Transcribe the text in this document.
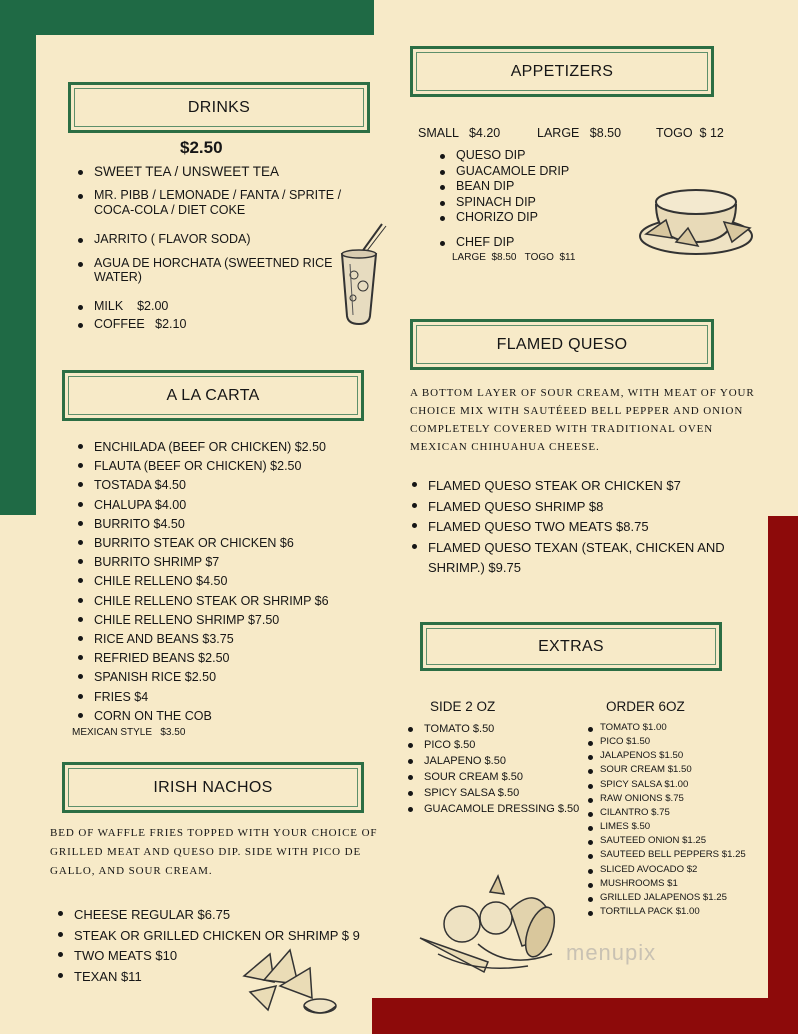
DRINKS
$2.50
SWEET TEA / UNSWEET TEA
MR. PIBB / LEMONADE / FANTA / SPRITE / COCA-COLA / DIET COKE
JARRITO ( FLAVOR SODA)
AGUA DE HORCHATA (SWEETNED RICE WATER)
MILK    $2.00
COFFEE   $2.10
APPETIZERS
SMALL   $4.20	LARGE   $8.50	TOGO  $ 12
QUESO DIP
GUACAMOLE DRIP
BEAN DIP
SPINACH DIP
CHORIZO DIP
CHEF DIP
LARGE  $8.50   TOGO  $11
FLAMED QUESO
A BOTTOM LAYER OF SOUR CREAM, WITH MEAT OF YOUR CHOICE MIX WITH SAUTÉEED BELL PEPPER AND ONION COMPLETELY COVERED WITH TRADITIONAL OVEN MEXICAN CHIHUAHUA CHEESE.
FLAMED QUESO STEAK OR CHICKEN $7
FLAMED QUESO SHRIMP $8
FLAMED QUESO TWO MEATS $8.75
FLAMED QUESO TEXAN (STEAK, CHICKEN AND SHRIMP.) $9.75
A LA CARTA
ENCHILADA (BEEF OR CHICKEN) $2.50
FLAUTA (BEEF OR CHICKEN) $2.50
TOSTADA $4.50
CHALUPA $4.00
BURRITO $4.50
BURRITO STEAK OR CHICKEN $6
BURRITO SHRIMP $7
CHILE RELLENO $4.50
CHILE RELLENO STEAK OR SHRIMP $6
CHILE RELLENO SHRIMP $7.50
RICE AND BEANS $3.75
REFRIED BEANS $2.50
SPANISH RICE $2.50
FRIES $4
CORN ON THE COB
MEXICAN STYLE   $3.50
IRISH NACHOS
BED OF WAFFLE FRIES TOPPED WITH YOUR CHOICE OF GRILLED MEAT AND QUESO DIP. SIDE WITH PICO DE GALLO, AND SOUR CREAM.
CHEESE REGULAR $6.75
STEAK OR GRILLED CHICKEN OR SHRIMP $ 9
TWO MEATS $10
TEXAN $11
EXTRAS
SIDE 2 OZ	ORDER 6OZ
TOMATO $.50
PICO $.50
JALAPENO $.50
SOUR CREAM $.50
SPICY SALSA $.50
GUACAMOLE DRESSING $.50
TOMATO $1.00
PICO $1.50
JALAPENOS $1.50
SOUR CREAM $1.50
SPICY SALSA $1.00
RAW ONIONS $.75
CILANTRO $.75
LIMES $.50
SAUTEED ONION $1.25
SAUTEED BELL PEPPERS $1.25
SLICED AVOCADO $2
MUSHROOMS $1
GRILLED JALAPENOS $1.25
TORTILLA PACK $1.00
menupix
